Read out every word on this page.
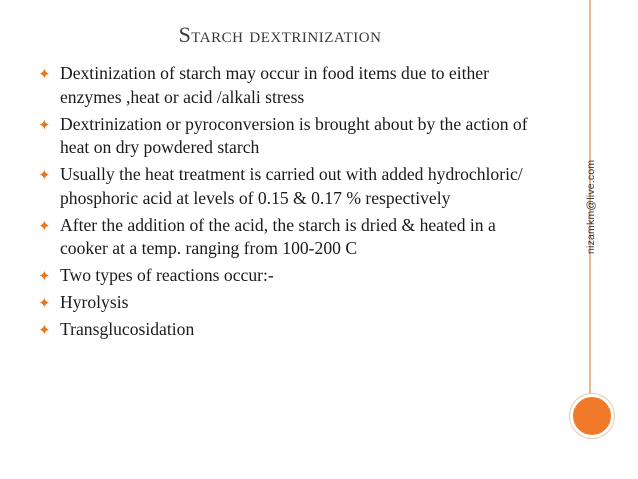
Starch dextrinization
✦ Dextinization of starch may occur in food items due to either enzymes ,heat or acid /alkali stress
✦ Dextrinization or pyroconversion is brought about by the action of heat on dry powdered starch
✦ Usually the heat treatment is carried out with added hydrochloric/ phosphoric acid at levels of 0.15 & 0.17 % respectively
✦ After the addition of the acid, the starch is dried & heated in a cooker at a temp. ranging from 100-200 C
✦ Two types of reactions occur:-
✦ Hyrolysis
✦ Transglucosidation
nizamkm@live.com
